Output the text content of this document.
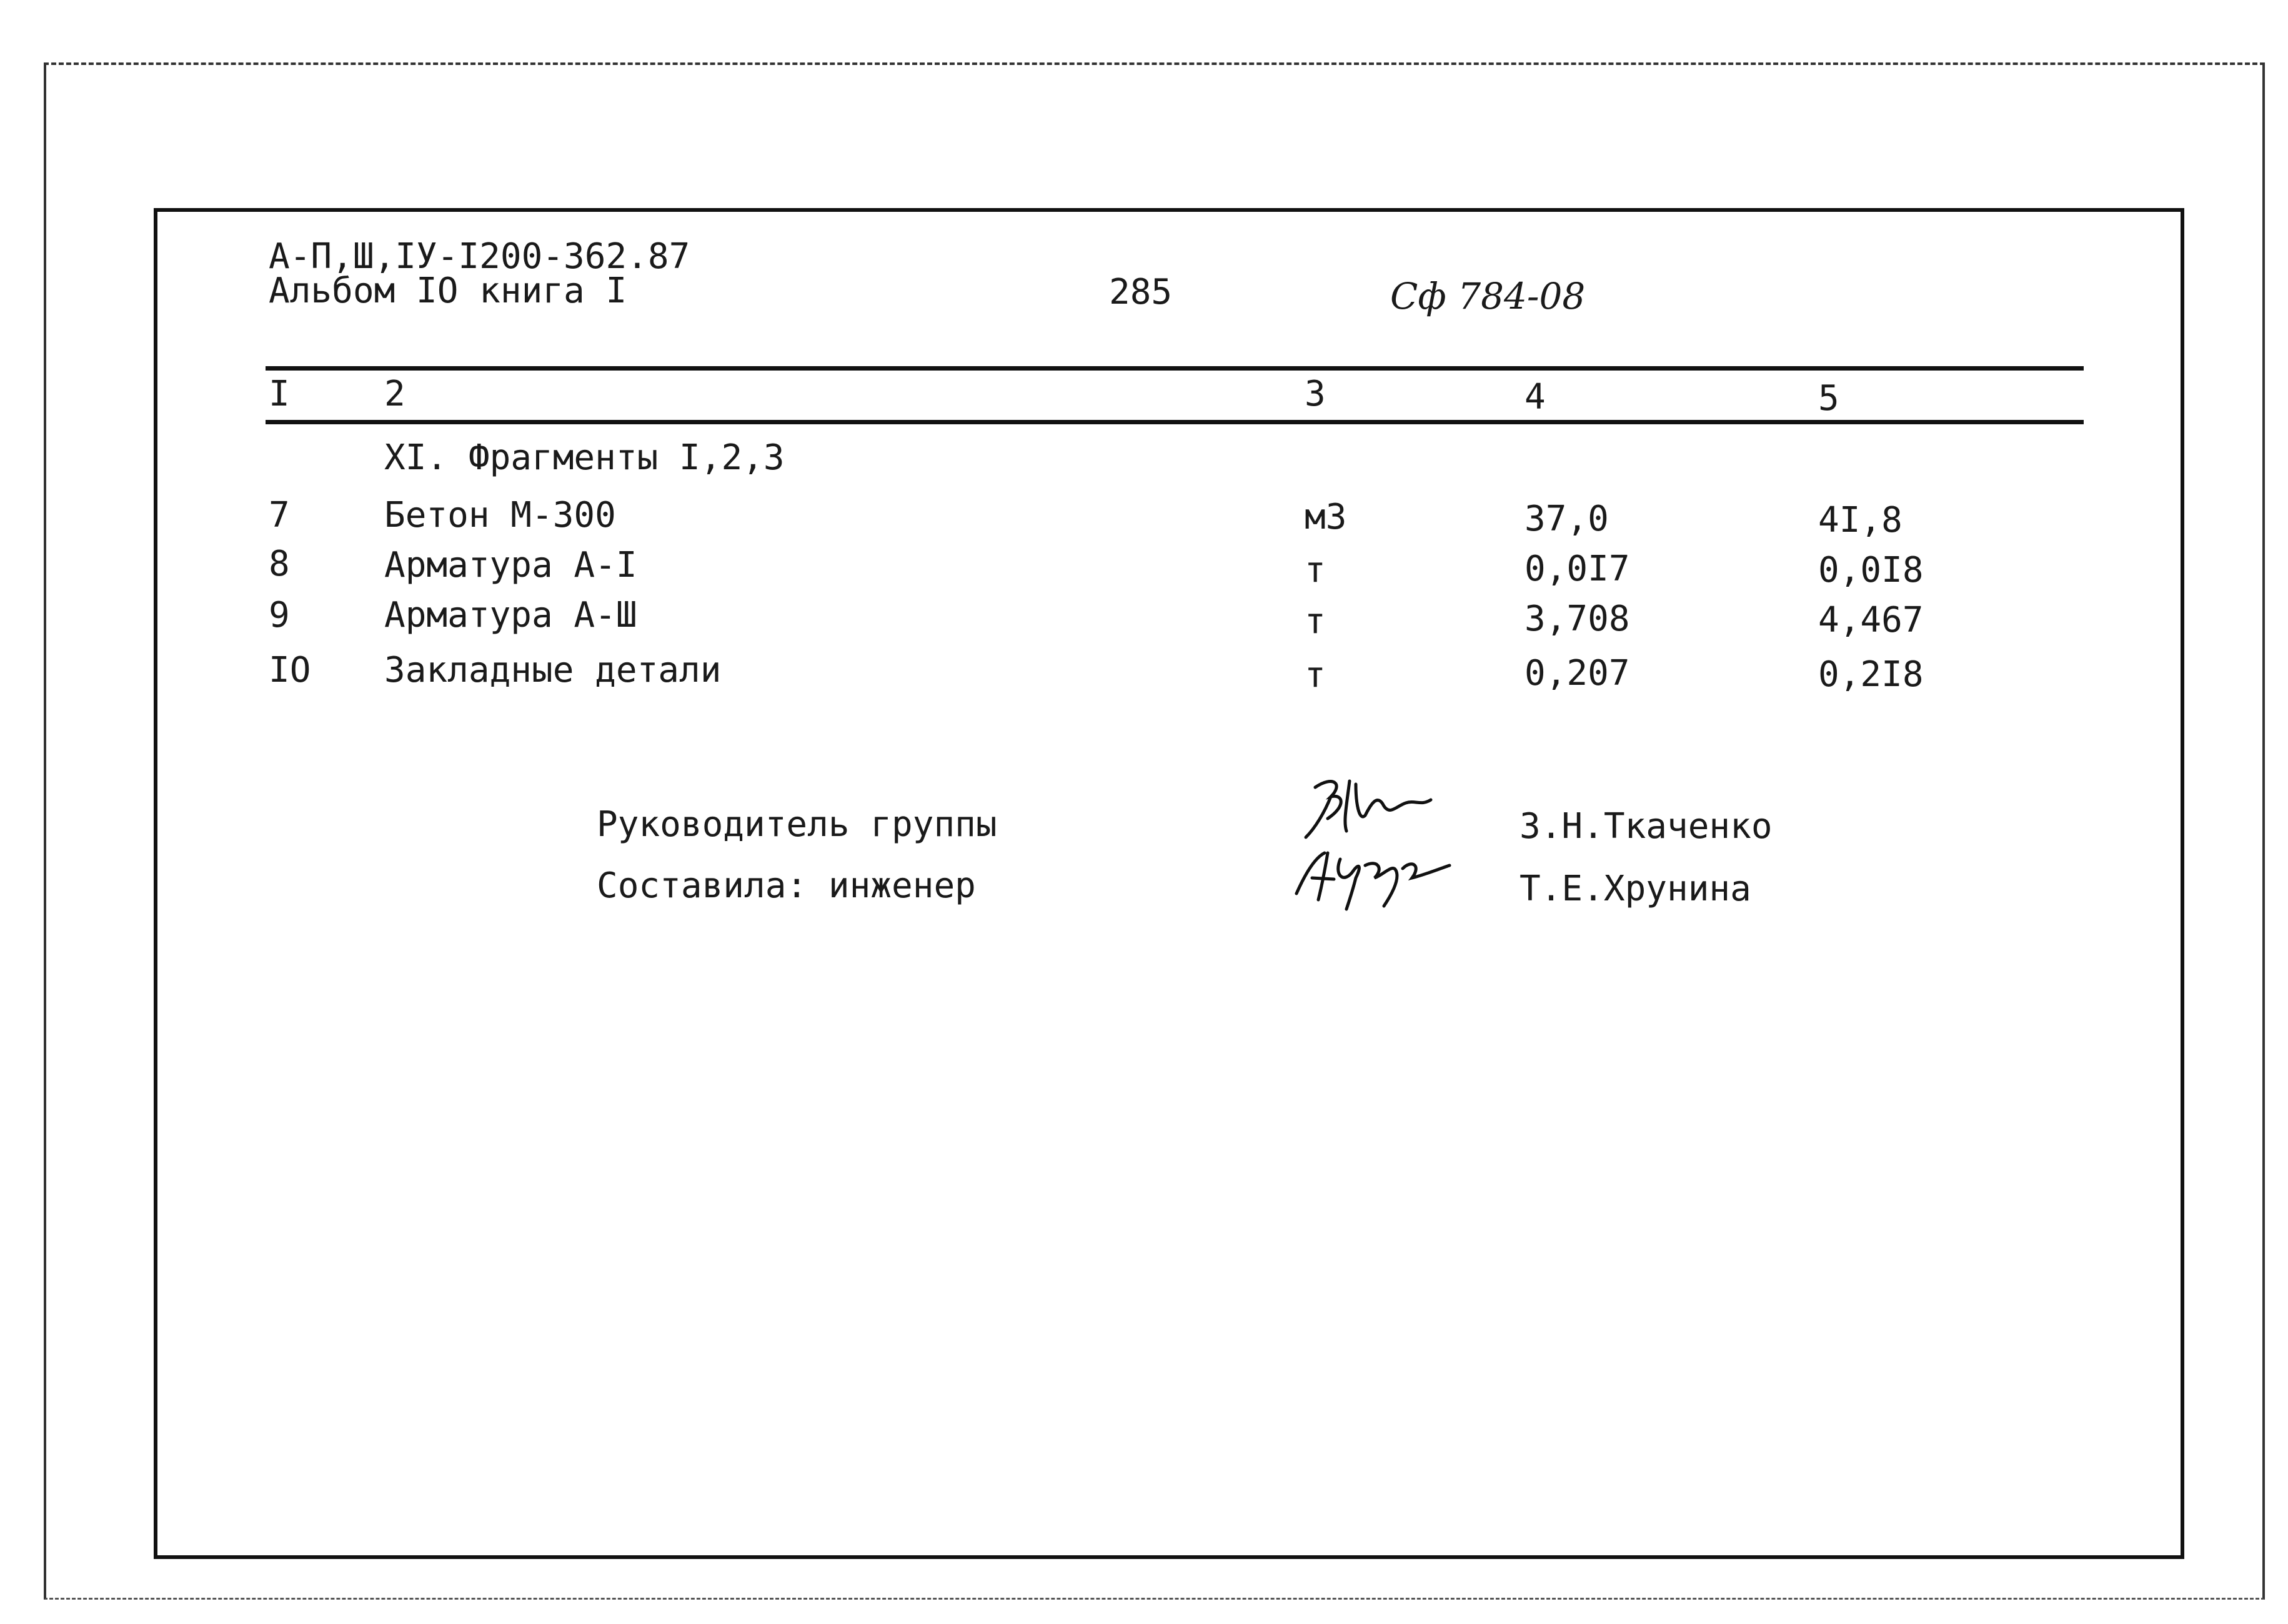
А-П,Ш,ІУ-І200-362.87
Альбом ІО книга І	285	Сф 784-08
І	2	3	4	5
ХІ. Фрагменты І,2,3
7	Бетон М-300	м3	37,0	4І,8
8	Арматура А-І	т	0,0І7	0,0І8
9	Арматура А-Ш	т	3,708	4,467
ІО Закладные детали	т	0,207	0,2І8
Руководитель группы
Составила: инженер
З.Н.Ткаченко
Т.Е.Хрунина
